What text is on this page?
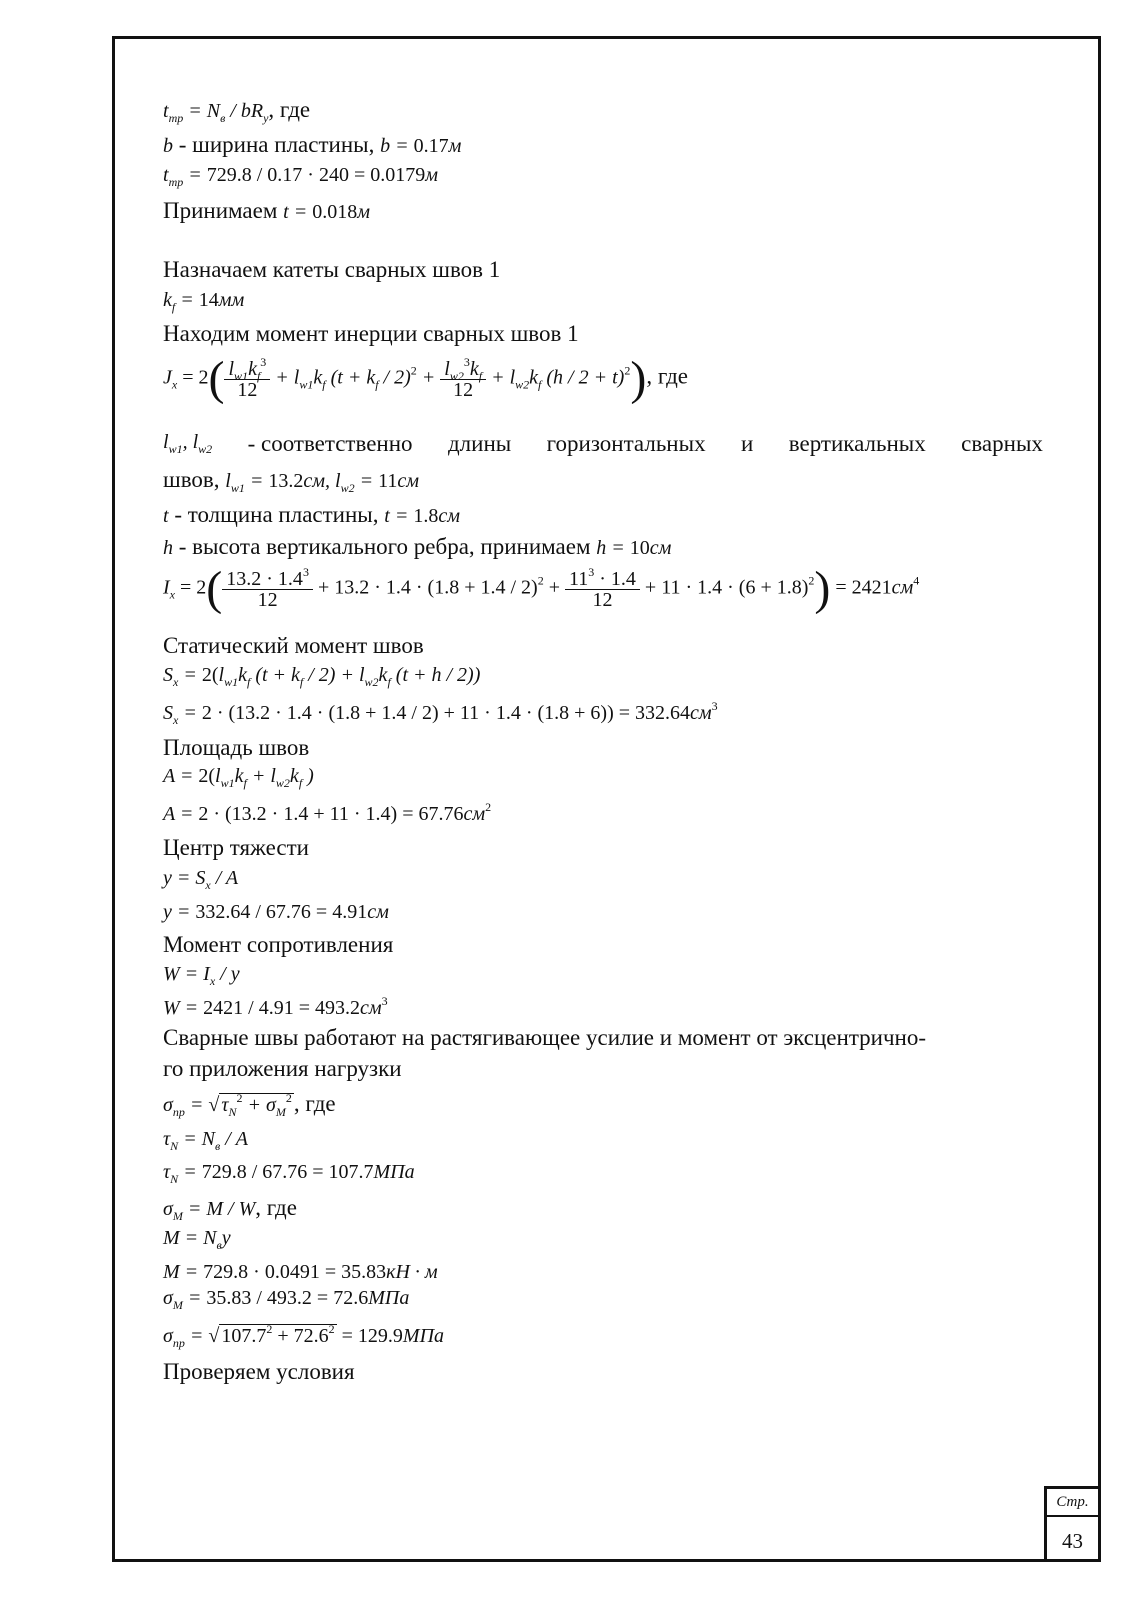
$t_{тр} = N_в / bR_y$, где
b - ширина пластины, b = 0.17м
$t_{тр} = 729.8 / 0.17 \cdot 240 = 0.0179м$
Принимаем t = 0.018м
Назначаем катеты сварных швов 1
$k_f = 14мм$
Находим момент инерции сварных швов 1
$J_x = 2( \frac{l_{w1}k_f^3}{12} + l_{w1}k_f$ $(t + k_f / 2)^2 + \frac{l_{w2}^3k_f}{12} + l_{w2}k_f$ $(h / 2 + t)^2$), где
$l_{w1}$, $l_{w2}$ - соответственно длины горизонтальных и вертикальных сварных
швов, $l_{w1} = 13.2см$, $l_{w2} = 11см$
t - толщина пластины, t = 1.8см
h - высота вертикального ребра, принимаем h = 10см
$I_x = 2( \frac{13.2 \cdot 1.4^3}{12} + 13.2 \cdot 1.4 \cdot (1.8 + 1.4 / 2)^2 + \frac{11^3 \cdot 1.4}{12} + 11 \cdot 1.4 \cdot (6 + 1.8)^2) = 2421см^4$
Статический момент швов
$S_x = 2(l_{w1}k_f$ $(t + k_f / 2) + l_{w2}k_f$ (t + h / 2))
$S_x = 2 \cdot (13.2 \cdot 1.4 \cdot (1.8 + 1.4 / 2) + 11 \cdot 1.4 \cdot (1.8 + 6)) = 332.64см^3$
Площадь швов
$A = 2(l_{w1}k_f + l_{w2}k_f$ )
$A = 2 \cdot (13.2 \cdot 1.4 + 11 \cdot 1.4) = 67.76см^2$
Центр тяжести
$y = S_x / A$
y = 332.64 / 67.76 = 4.91см
Момент сопротивления
$W = I_x / y$
$W = 2421 / 4.91 = 493.2см^3$
Сварные швы работают на растягивающее усилие и момент от эксцентрично-
го приложения нагрузки
$\sigma_{пр}$ = √ $\tau_N^2 + \sigma_M^2$, где
$\tau_N = N_в / A$
$\tau_N = 729.8 / 67.76 = 107.7МПа$
$\sigma_M = M / W$, где
$M = N_вy$
M = 729.8 · 0.0491 = 35.83кН · м
$\sigma_M = 35.83 / 493.2 = 72.6МПа$
$\sigma_{пр}$ = √ $107.7^2 + 72.6^2 = 129.9МПа$
Проверяем условия
Стр.
43
